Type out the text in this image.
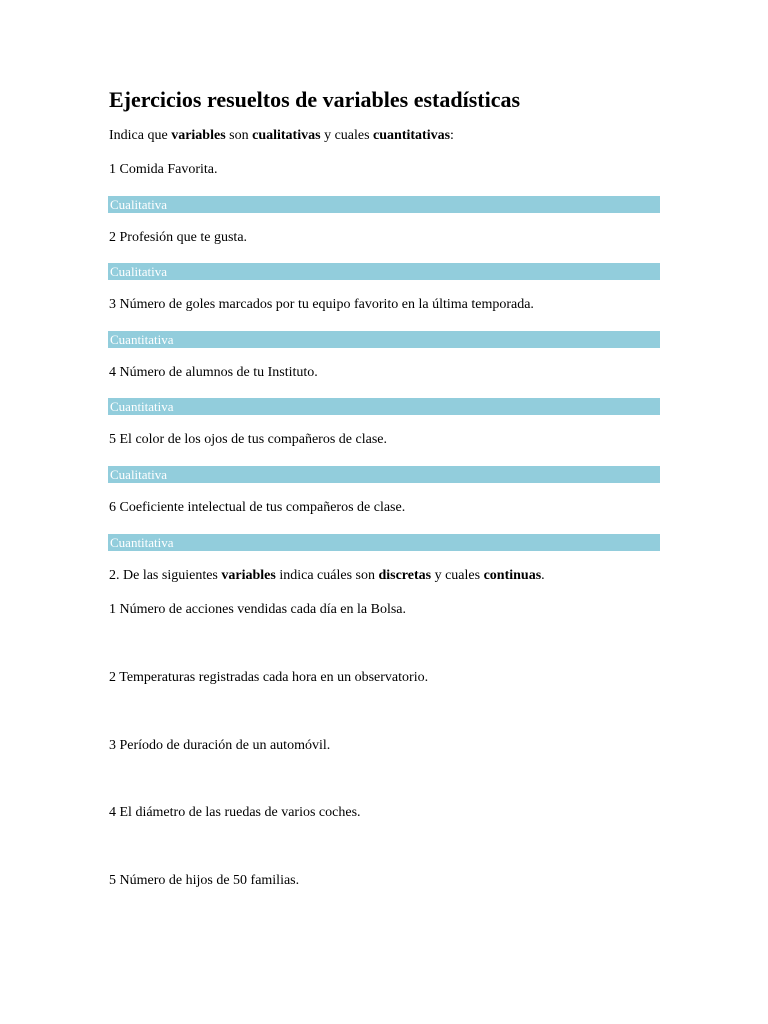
Ejercicios resueltos de variables estadísticas

Indica que variables son cualitativas y cuales cuantitativas:

1 Comida Favorita.

Cualitativa

2 Profesión que te gusta.

Cualitativa

3 Número de goles marcados por tu equipo favorito en la última temporada.

Cuantitativa

4 Número de alumnos de tu Instituto.

Cuantitativa

5 El color de los ojos de tus compañeros de clase.

Cualitativa

6 Coeficiente intelectual de tus compañeros de clase.

Cuantitativa

2. De las siguientes variables indica cuáles son discretas y cuales continuas.

1 Número de acciones vendidas cada día en la Bolsa.

2 Temperaturas registradas cada hora en un observatorio.

3 Período de duración de un automóvil.

4 El diámetro de las ruedas de varios coches.

5 Número de hijos de 50 familias.
